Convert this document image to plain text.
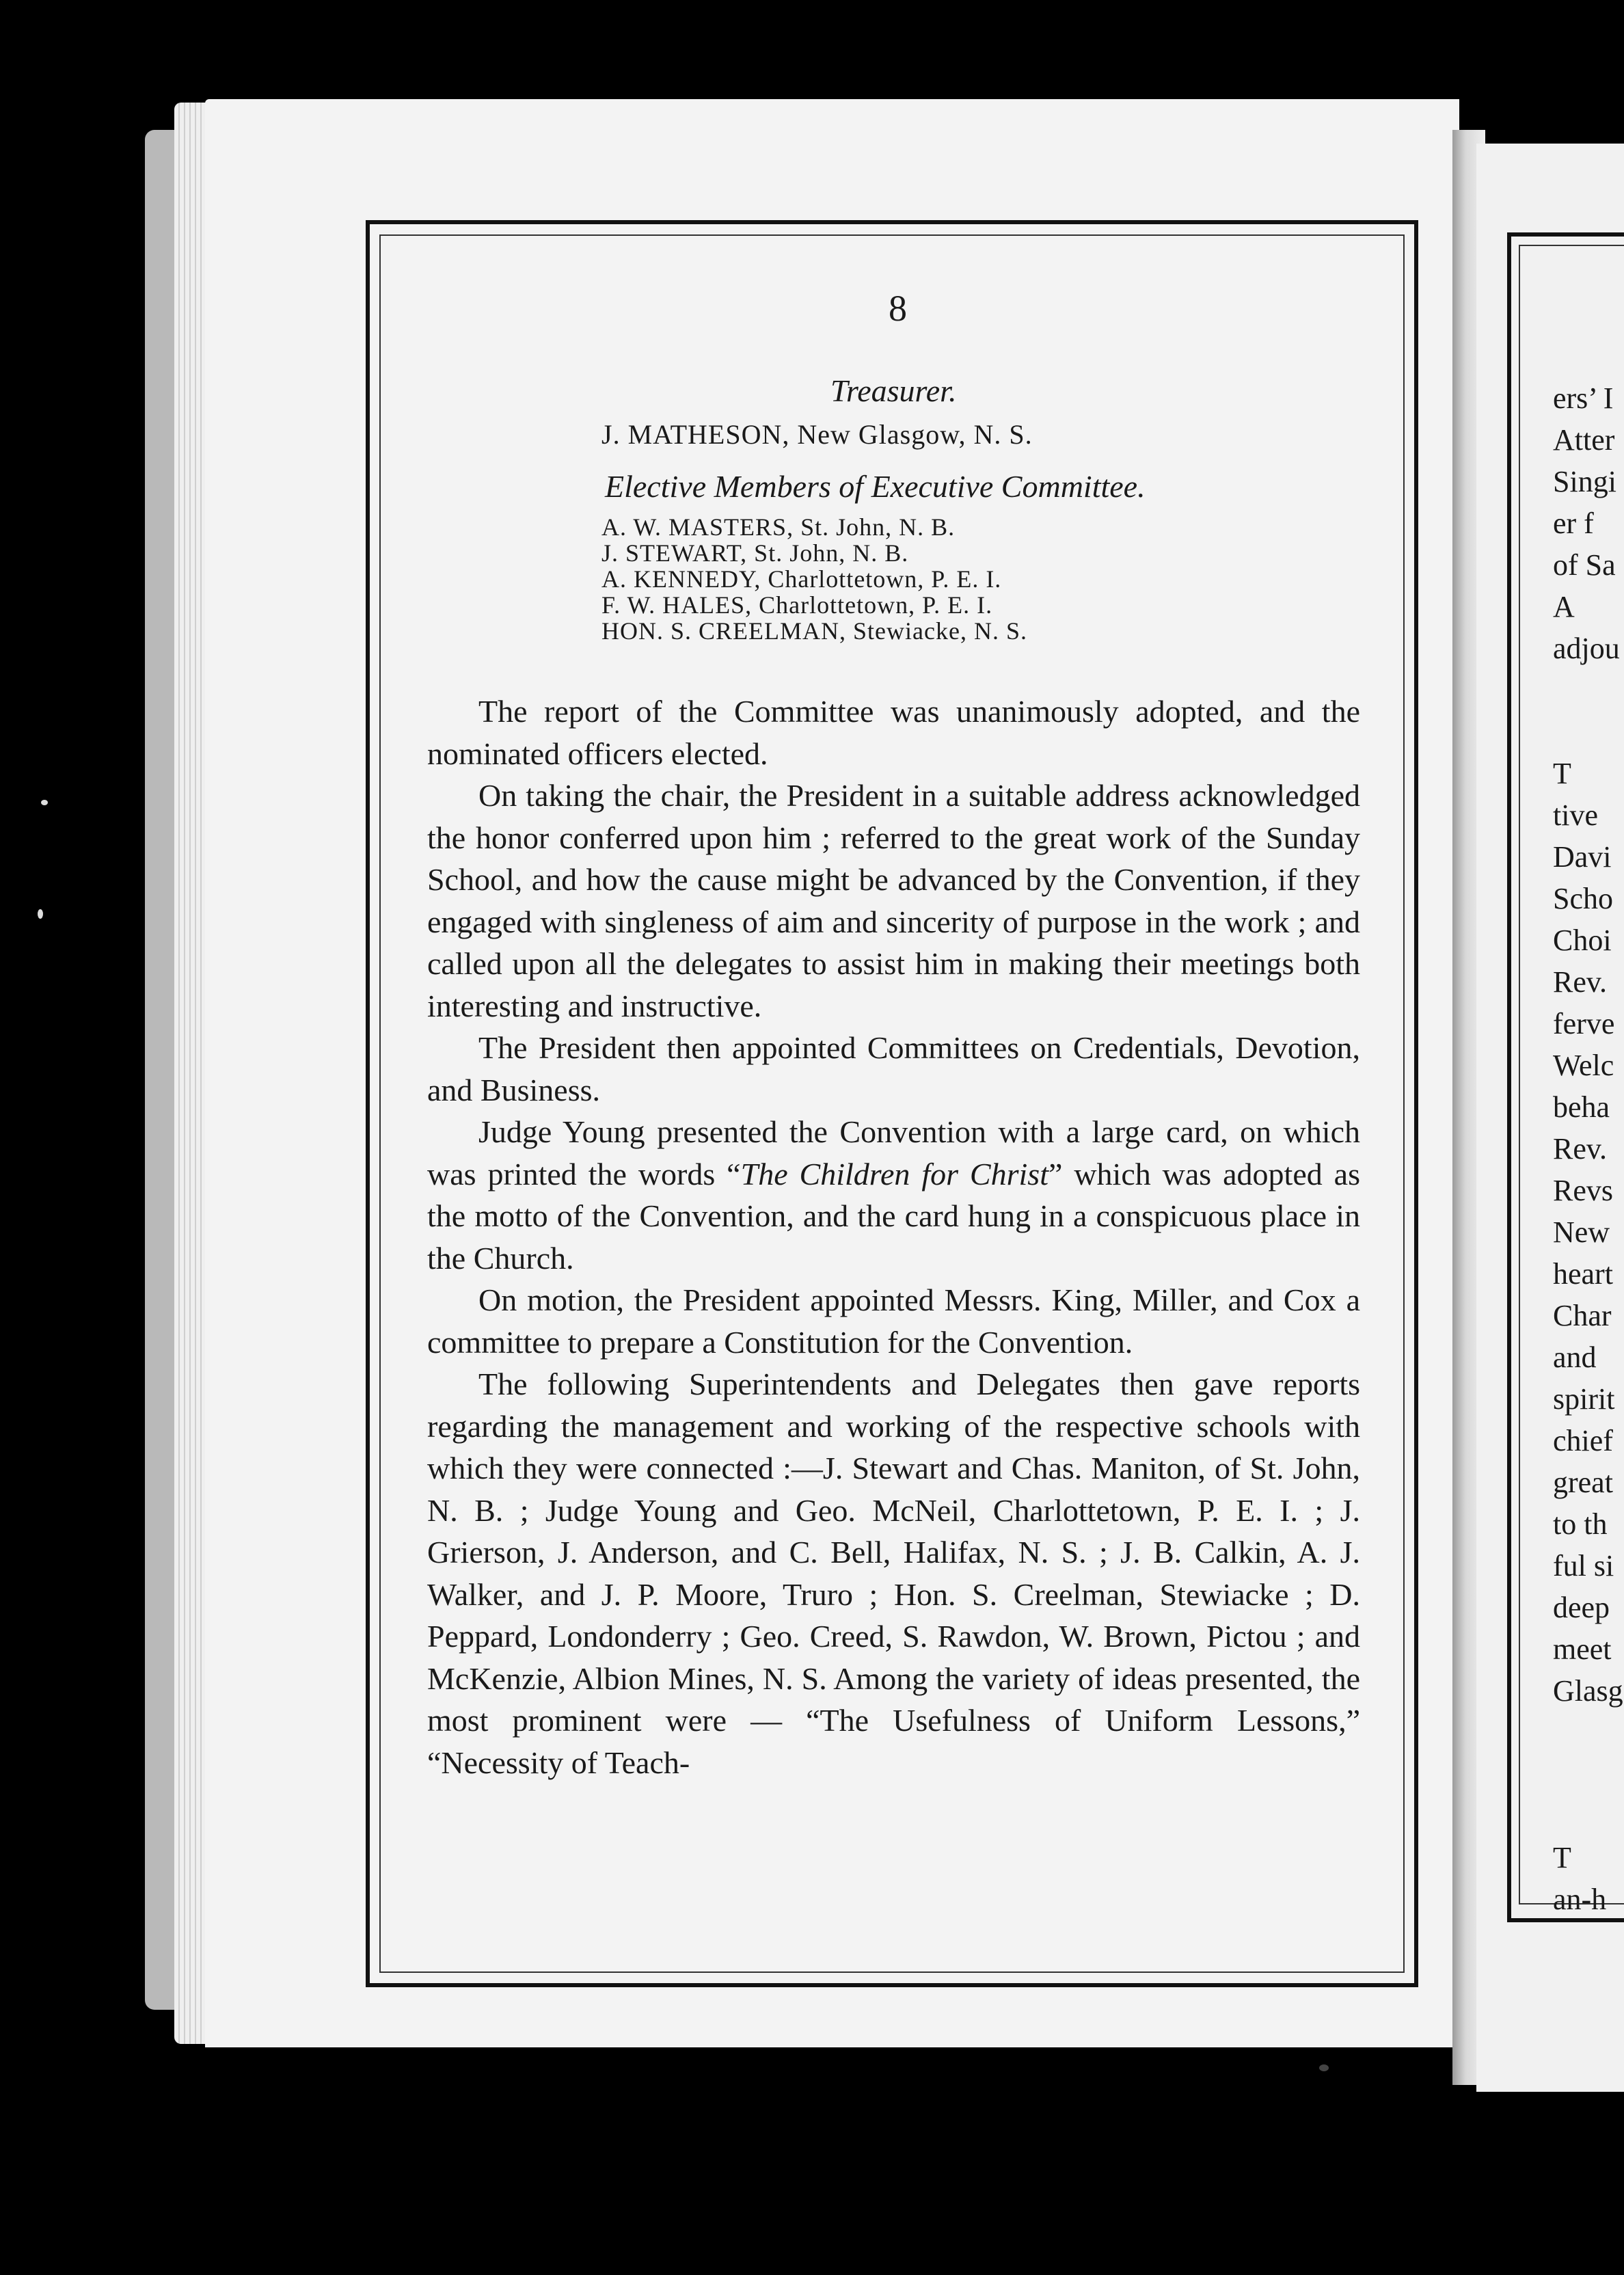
ers’ I
Atter
Singi
er f
of Sa
A
adjou
T
tive
Davi
Scho
Choi
Rev.
ferve
Welc
beha
Rev.
Revs
New
heart
Char
and
spirit
chief
great
to th
ful si
deep
meet
Glasg
T
an-h
8
Treasurer.
J. MATHESON, New Glasgow, N. S.
Elective Members of Executive Committee.
A. W. MASTERS, St. John, N. B.
J. STEWART, St. John, N. B.
A. KENNEDY, Charlottetown, P. E. I.
F. W. HALES, Charlottetown, P. E. I.
HON. S. CREELMAN, Stewiacke, N. S.

The report of the Committee was unanimously adopted, and the nominated officers elected.

On taking the chair, the President in a suitable address acknowledged the honor conferred upon him ; referred to the great work of the Sunday School, and how the cause might be advanced by the Convention, if they engaged with singleness of aim and sincerity of purpose in the work ; and called upon all the delegates to assist him in making their meetings both interesting and instructive.

The President then appointed Committees on Credentials, Devotion, and Business.

Judge Young presented the Convention with a large card, on which was printed the words “The Children for Christ” which was adopted as the motto of the Convention, and the card hung in a conspicuous place in the Church.

On motion, the President appointed Messrs. King, Miller, and Cox a committee to prepare a Constitution for the Convention.

The following Superintendents and Delegates then gave reports regarding the management and working of the respective schools with which they were connected :—J. Stewart and Chas. Maniton, of St. John, N. B. ; Judge Young and Geo. McNeil, Charlottetown, P. E. I. ; J. Grierson, J. Anderson, and C. Bell, Halifax, N. S. ; J. B. Calkin, A. J. Walker, and J. P. Moore, Truro ; Hon. S. Creelman, Stewiacke ; D. Peppard, Londonderry ; Geo. Creed, S. Rawdon, W. Brown, Pictou ; and McKenzie, Albion Mines, N. S. Among the variety of ideas presented, the most prominent were — “The Usefulness of Uniform Lessons,” “Necessity of Teach-
